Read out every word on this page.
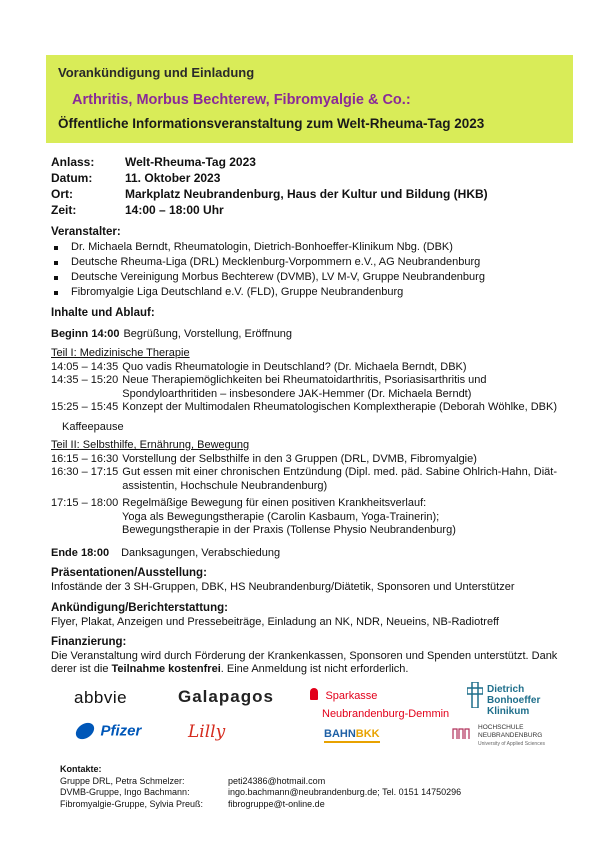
Vorankündigung und Einladung
Arthritis, Morbus Bechterew, Fibromyalgie & Co.:
Öffentliche Informationsveranstaltung zum Welt-Rheuma-Tag 2023
Anlass:	Welt-Rheuma-Tag 2023
Datum:	11. Oktober 2023
Ort:	Markplatz Neubrandenburg, Haus der Kultur und Bildung (HKB)
Zeit:	14:00 – 18:00 Uhr
Veranstalter:
Dr. Michaela Berndt, Rheumatologin, Dietrich-Bonhoeffer-Klinikum Nbg. (DBK)
Deutsche Rheuma-Liga (DRL) Mecklenburg-Vorpommern e.V., AG Neubrandenburg
Deutsche Vereinigung Morbus Bechterew (DVMB), LV M-V, Gruppe Neubrandenburg
Fibromyalgie Liga Deutschland e.V. (FLD), Gruppe Neubrandenburg
Inhalte und Ablauf:
Beginn 14:00 Begrüßung, Vorstellung, Eröffnung
Teil I: Medizinische Therapie
14:05 – 14:35 Quo vadis Rheumatologie in Deutschland? (Dr. Michaela Berndt, DBK)
14:35 – 15:20 Neue Therapiemöglichkeiten bei Rheumatoidarthritis, Psoriasisarthritis und Spondyloarthritiden – insbesondere JAK-Hemmer (Dr. Michaela Berndt)
15:25 – 15:45 Konzept der Multimodalen Rheumatologischen Komplextherapie (Deborah Wöhlke, DBK)
Kaffeepause
Teil II: Selbsthilfe, Ernährung, Bewegung
16:15 – 16:30 Vorstellung der Selbsthilfe in den 3 Gruppen (DRL, DVMB, Fibromyalgie)
16:30 – 17:15 Gut essen mit einer chronischen Entzündung (Dipl. med. päd. Sabine Ohlrich-Hahn, Diät-assistentin, Hochschule Neubrandenburg)
17:15 – 18:00 Regelmäßige Bewegung für einen positiven Krankheitsverlauf:
Yoga als Bewegungstherapie (Carolin Kasbaum, Yoga-Trainerin);
Bewegungstherapie in der Praxis (Tollense Physio Neubrandenburg)
Ende 18:00	Danksagungen, Verabschiedung
Präsentationen/Ausstellung:
Infostände der 3 SH-Gruppen, DBK, HS Neubrandenburg/Diätetik, Sponsoren und Unterstützer
Ankündigung/Berichterstattung:
Flyer, Plakat, Anzeigen und Pressebeiträge, Einladung an NK, NDR, Neueins, NB-Radiotreff
Finanzierung:
Die Veranstaltung wird durch Förderung der Krankenkassen, Sponsoren und Spenden unterstützt. Dank derer ist die Teilnahme kostenfrei. Eine Anmeldung ist nicht erforderlich.
abbvie	Galapagos	Sparkasse
Neubrandenburg-Demmin
Dietrich
Bonhoeffer
Klinikum
Pfizer	Lilly	BAHNBKK
HOCHSCHULE
NEUBRANDENBURG
University of Applied Sciences
Kontakte:
Gruppe DRL, Petra Schmelzer:	peti24386@hotmail.com
DVMB-Gruppe, Ingo Bachmann:	ingo.bachmann@neubrandenburg.de; Tel. 0151 14750296
Fibromyalgie-Gruppe, Sylvia Preuß:	fibrogruppe@t-online.de
